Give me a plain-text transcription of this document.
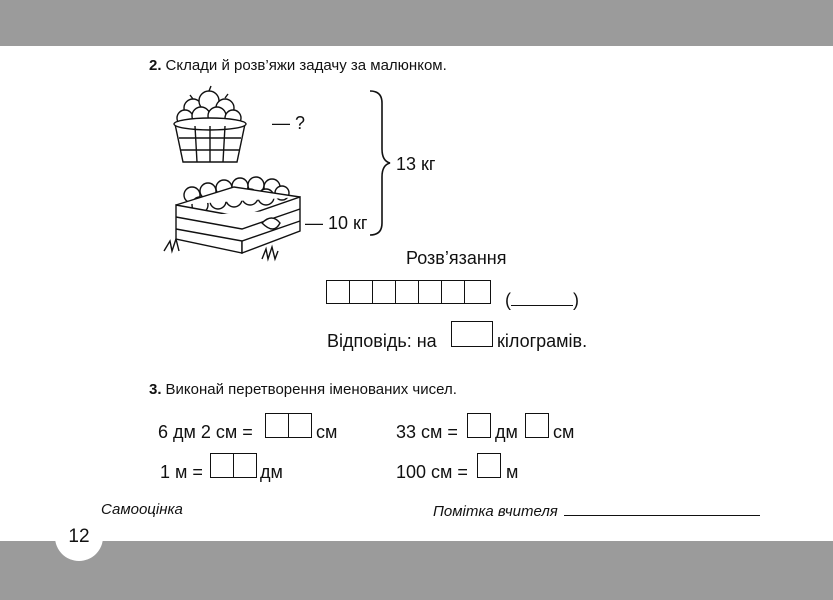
12
2. Склади й розв’яжи задачу за малюнком.
— ?
— 10 кг
13 кг
Розв’язання
(	)
Відповідь: на	кілограмів.
3. Виконай перетворення іменованих чисел.
6 дм 2 см =	см	33 см = дм см
1 м =	дм	100 см = м
Самооцінка	Помітка вчителя
